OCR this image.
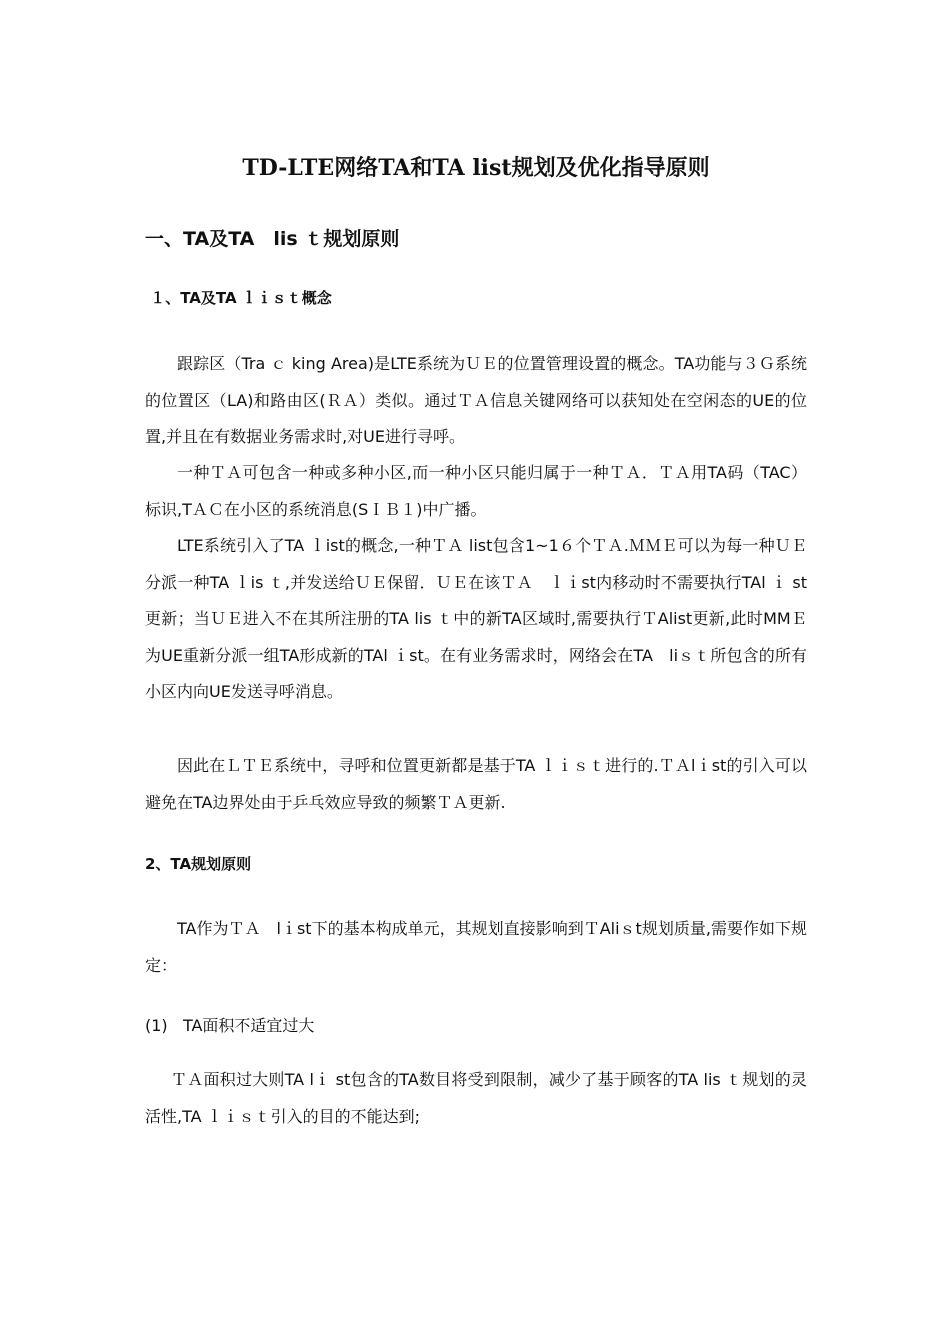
TD-LTE网络TA和TA list规划及优化指导原则
一、TA及TA　lis ｔ规划原则
１、TA及TA ｌｉｓｔ概念

跟踪区（Tra ｃ king Area)是LTE系统为ＵＥ的位置管理设置的概念。TA功能与３Ｇ系统的位置区（LA)和路由区(ＲＡ）类似。通过ＴＡ信息关键网络可以获知处在空闲态的UE的位置,并且在有数据业务需求时,对UE进行寻呼。

一种ＴＡ可包含一种或多种小区,而一种小区只能归属于一种ＴＡ．ＴＡ用TA码（TAC）标识,TＡＣ在小区的系统消息(SＩＢ１)中广播。

LTE系统引入了TA ｌist的概念,一种ＴＡ list包含1~1６个ＴＡ.ＭＭＥ可以为每一种ＵＥ分派一种TA ｌis ｔ,并发送给ＵＥ保留．ＵＥ在该ＴＡ　ｌｉst内移动时不需要执行TAl ｉ st更新；当ＵＥ进入不在其所注册的TA lis ｔ中的新TA区域时,需要执行ＴAlist更新,此时MMＥ为UE重新分派一组TA形成新的TAl ｉst。在有业务需求时，网络会在TA　liｓｔ所包含的所有小区内向UE发送寻呼消息。

因此在ＬＴＥ系统中，寻呼和位置更新都是基于TA ｌｉｓｔ进行的.ＴＡlｉst的引入可以避免在TA边界处由于乒乓效应导致的频繁ＴＡ更新.

2、TA规划原则

TA作为ＴＡ　lｉst下的基本构成单元，其规划直接影响到ＴAliｓt规划质量,需要作如下规定：

(1) TA面积不适宜过大

ＴＡ面积过大则TA lｉ st包含的TA数目将受到限制，减少了基于顾客的TA lis ｔ规划的灵活性,TA ｌｉｓｔ引入的目的不能达到;
